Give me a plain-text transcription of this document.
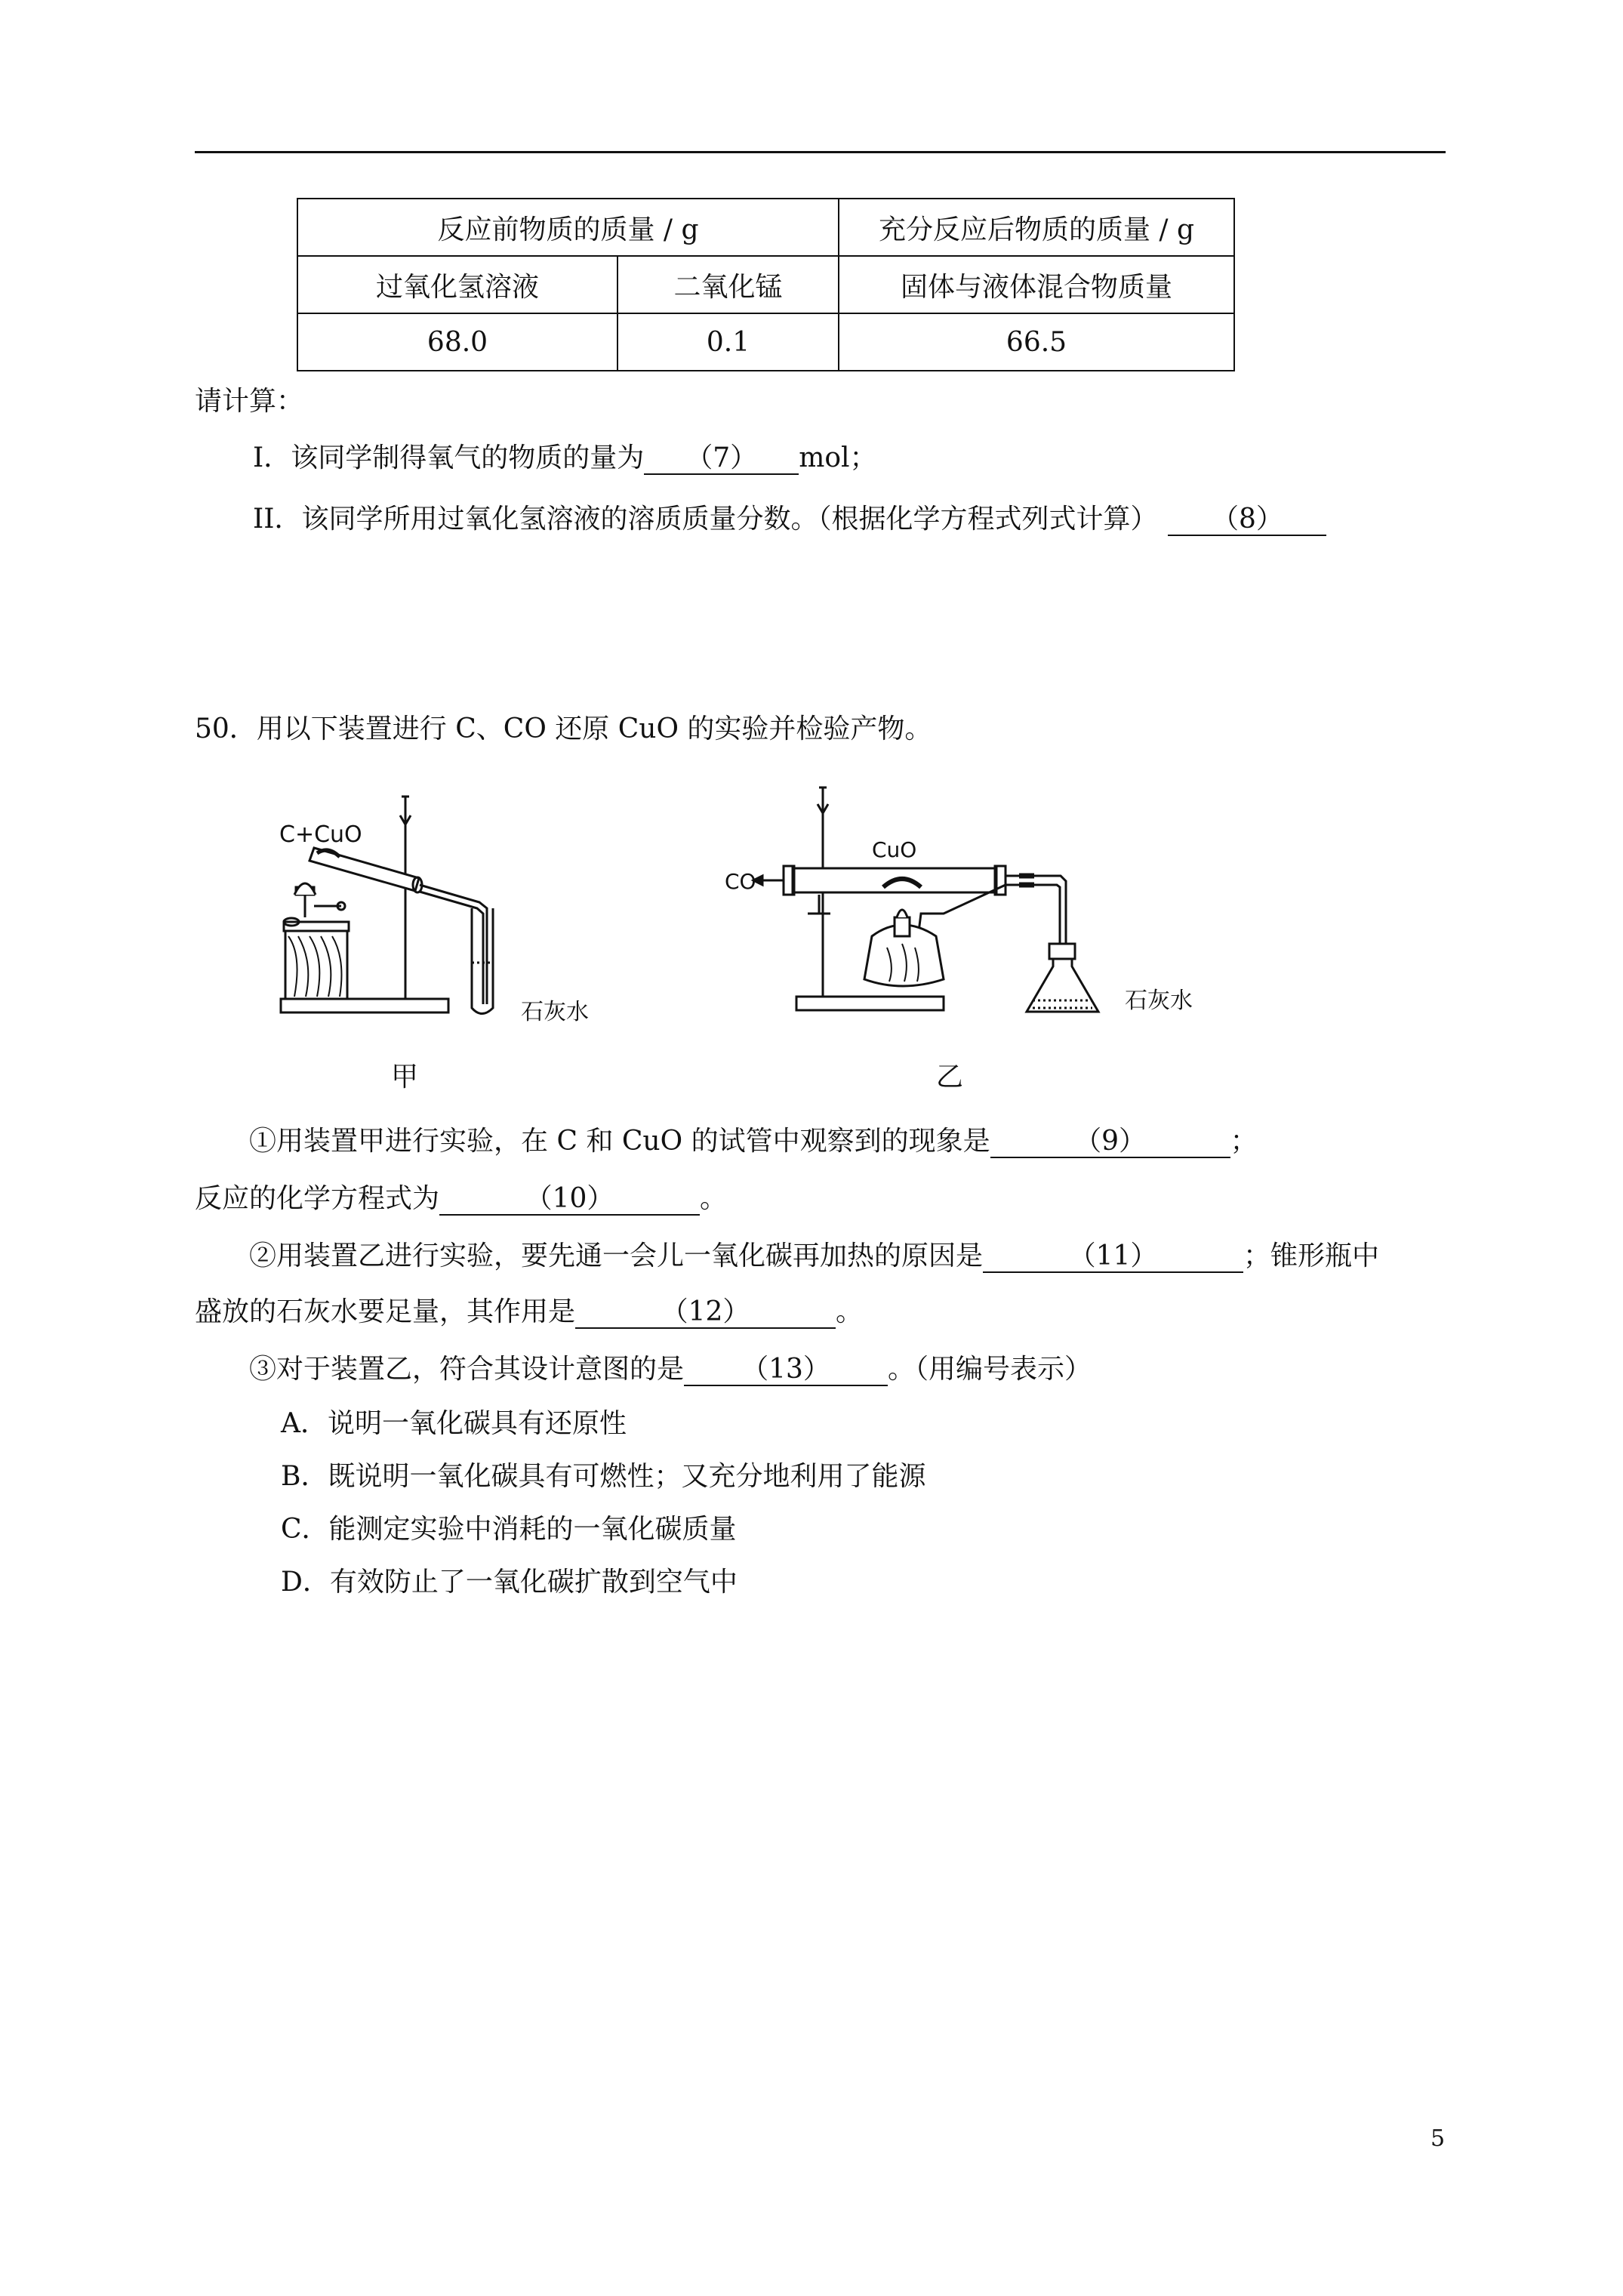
反应前物质的质量 / g		充分反应后物质的质量 / g
过氧化氢溶液	二氧化锰	固体与液体混合物质量
68.0	0.1	66.5
请计算：
I．该同学制得氧气的物质的量为 （7） mol；
II．该同学所用过氧化氢溶液的溶质质量分数。（根据化学方程式列式计算） （8）
50．用以下装置进行 C、CO 还原 CuO 的实验并检验产物。
C+CuO
石灰水
甲
CO
CuO
石灰水
乙
①用装置甲进行实验，在 C 和 CuO 的试管中观察到的现象是	（9）	；
反应的化学方程式为	（10）	。
②用装置乙进行实验，要先通一会儿一氧化碳再加热的原因是	（11）	；锥形瓶中
盛放的石灰水要足量，其作用是	（12）	。
③对于装置乙，符合其设计意图的是 （13） 。（用编号表示）
A．说明一氧化碳具有还原性
B．既说明一氧化碳具有可燃性；又充分地利用了能源
C．能测定实验中消耗的一氧化碳质量
D．有效防止了一氧化碳扩散到空气中
5
